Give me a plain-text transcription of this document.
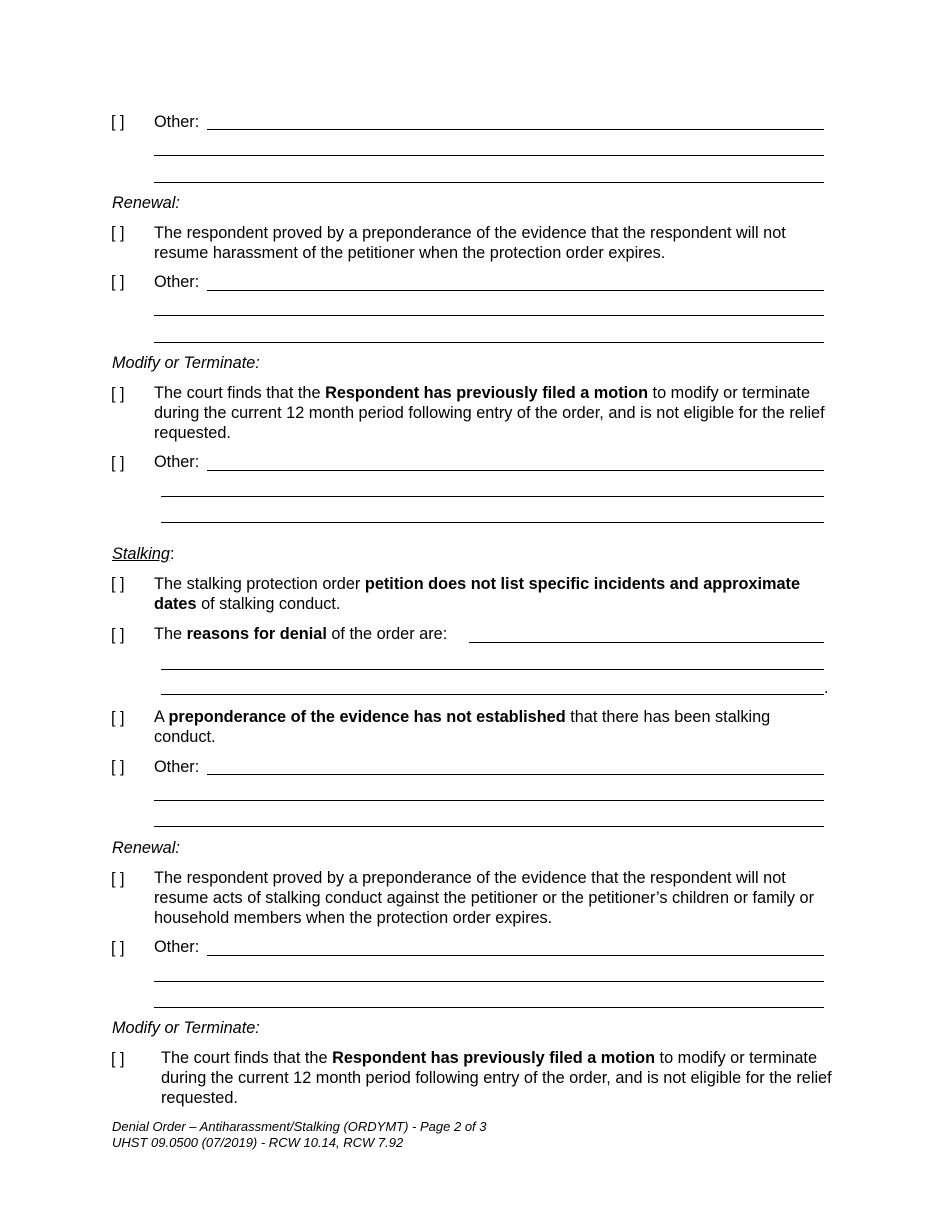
[ ]	Other:
Renewal:
[ ]	The respondent proved by a preponderance of the evidence that the respondent will not resume harassment of the petitioner when the protection order expires.
[ ]	Other:
Modify or Terminate:
[ ]	The court finds that the Respondent has previously filed a motion to modify or terminate during the current 12 month period following entry of the order, and is not eligible for the relief requested.
[ ]	Other:
Stalking:
[ ]	The stalking protection order petition does not list specific incidents and approximate dates of stalking conduct.
[ ]	The reasons for denial of the order are:
.
[ ]	A preponderance of the evidence has not established that there has been stalking conduct.
[ ]	Other:
Renewal:
[ ]	The respondent proved by a preponderance of the evidence that the respondent will not resume acts of stalking conduct against the petitioner or the petitioner’s children or family or household members when the protection order expires.
[ ]	Other:
Modify or Terminate:
[ ]	The court finds that the Respondent has previously filed a motion to modify or terminate during the current 12 month period following entry of the order, and is not eligible for the relief requested.
Denial Order – Antiharassment/Stalking (ORDYMT) - Page 2 of 3
UHST 09.0500 (07/2019) - RCW 10.14, RCW 7.92
